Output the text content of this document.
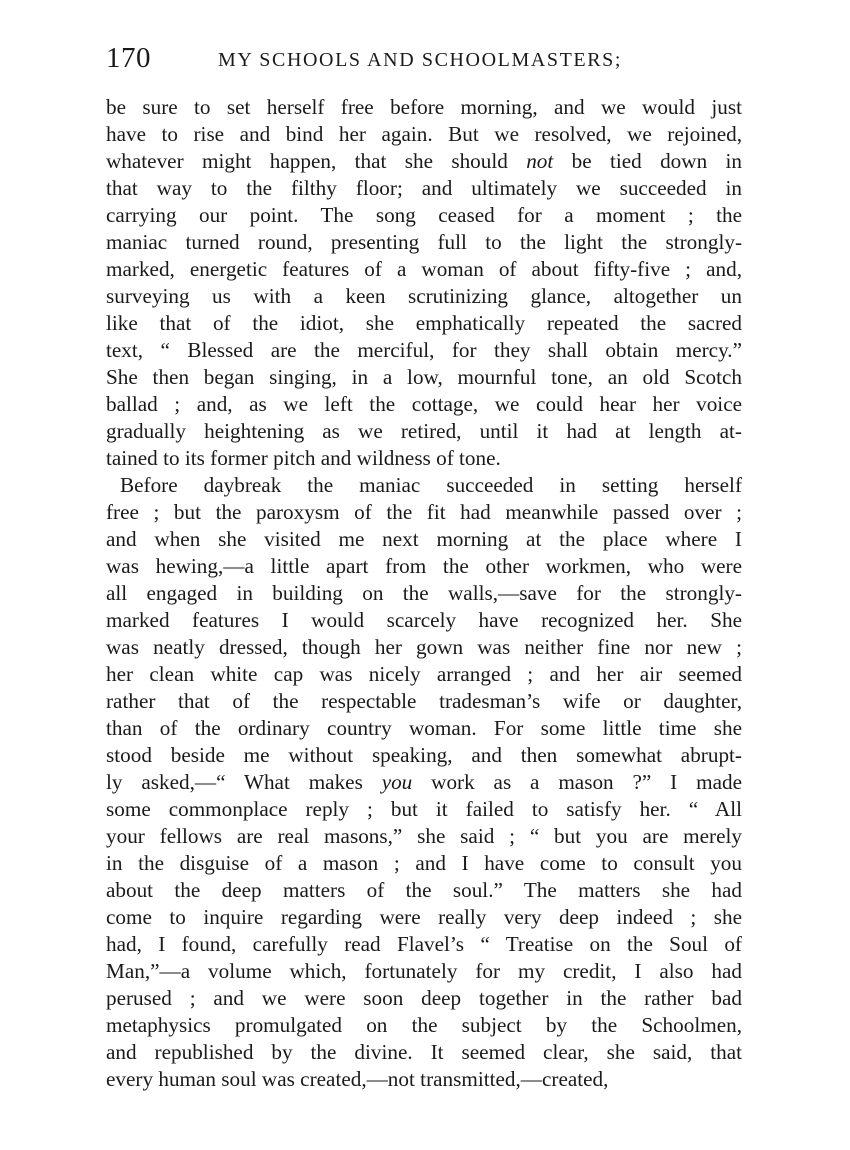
170	MY SCHOOLS AND SCHOOLMASTERS;
be sure to set herself free before morning, and we would just
have to rise and bind her again. But we resolved, we rejoined,
whatever might happen, that she should not be tied down in
that way to the filthy floor; and ultimately we succeeded in
carrying our point. The song ceased for a moment ; the
maniac turned round, presenting full to the light the strongly-
marked, energetic features of a woman of about fifty-five ; and,
surveying us with a keen scrutinizing glance, altogether un
like that of the idiot, she emphatically repeated the sacred
text, “ Blessed are the merciful, for they shall obtain mercy.”
She then began singing, in a low, mournful tone, an old Scotch
ballad ; and, as we left the cottage, we could hear her voice
gradually heightening as we retired, until it had at length at-
tained to its former pitch and wildness of tone.
Before daybreak the maniac succeeded in setting herself
free ; but the paroxysm of the fit had meanwhile passed over ;
and when she visited me next morning at the place where I
was hewing,—a little apart from the other workmen, who were
all engaged in building on the walls,—save for the strongly-
marked features I would scarcely have recognized her. She
was neatly dressed, though her gown was neither fine nor new ;
her clean white cap was nicely arranged ; and her air seemed
rather that of the respectable tradesman’s wife or daughter,
than of the ordinary country woman. For some little time she
stood beside me without speaking, and then somewhat abrupt-
ly asked,—“ What makes you work as a mason ?” I made
some commonplace reply ; but it failed to satisfy her. “ All
your fellows are real masons,” she said ; “ but you are merely
in the disguise of a mason ; and I have come to consult you
about the deep matters of the soul.” The matters she had
come to inquire regarding were really very deep indeed ; she
had, I found, carefully read Flavel’s “ Treatise on the Soul of
Man,”—a volume which, fortunately for my credit, I also had
perused ; and we were soon deep together in the rather bad
metaphysics promulgated on the subject by the Schoolmen,
and republished by the divine. It seemed clear, she said, that
every human soul was created,—not transmitted,—created,
